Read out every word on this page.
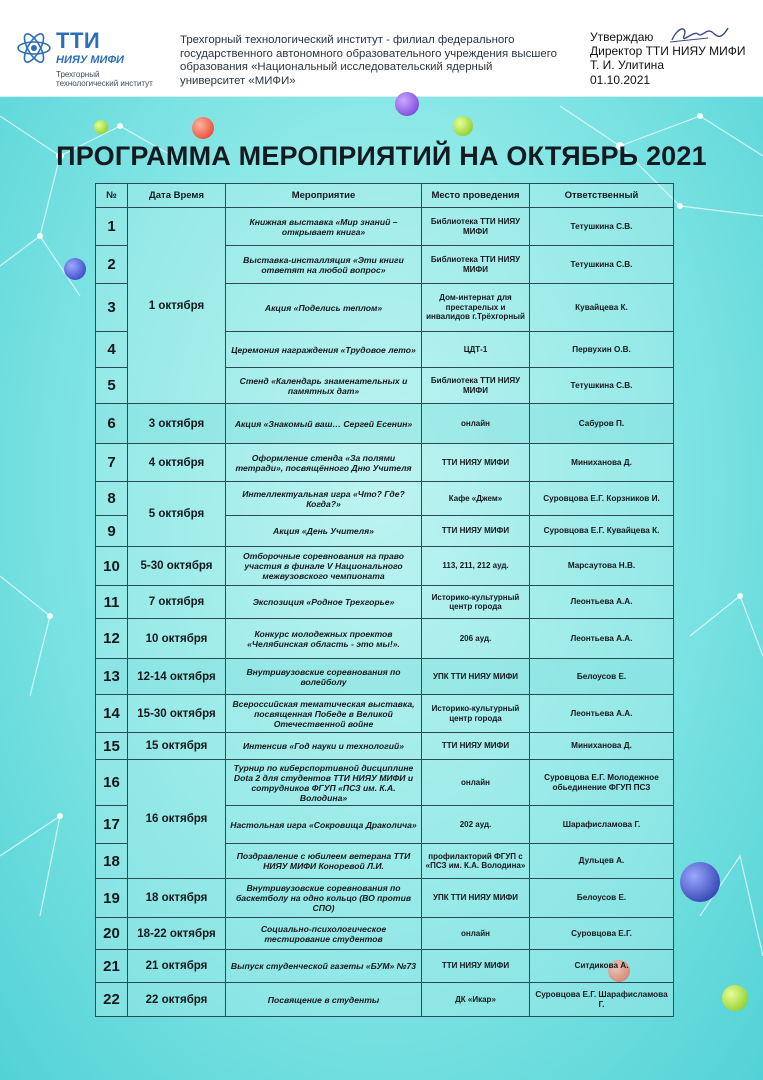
ТТИ
НИЯУ МИФИ
Трехгорный технологический институт
Трехгорный технологический институт - филиал федерального государственного автономного образовательного учреждения высшего образования «Национальный исследовательский ядерный университет «МИФИ»
Утверждаю
Директор ТТИ НИЯУ МИФИ
Т. И. Улитина
01.10.2021
ПРОГРАММА МЕРОПРИЯТИЙ НА ОКТЯБРЬ 2021
№	Дата Время	Мероприятие	Место проведения	Ответственный
1	1 октября	Книжная выставка «Мир знаний – открывает книга»	Библиотека ТТИ НИЯУ МИФИ	Тетушкина С.В.
2		Выставка-инсталляция «Эти книги ответят на любой вопрос»	Библиотека ТТИ НИЯУ МИФИ	Тетушкина С.В.
3		Акция «Поделись теплом»	Дом-интернат для престарелых и инвалидов г.Трёхгорный	Кувайцева К.
4		Церемония награждения «Трудовое лето»	ЦДТ-1	Первухин О.В.
5		Стенд «Календарь знаменательных и памятных дат»	Библиотека ТТИ НИЯУ МИФИ	Тетушкина С.В.
6	3 октября	Акция «Знакомый ваш… Сергей Есенин»	онлайн	Сабуров П.
7	4 октября	Оформление стенда «За полями тетради», посвящённого Дню Учителя	ТТИ НИЯУ МИФИ	Миниханова Д.
8	5 октября	Интеллектуальная игра «Что? Где? Когда?»	Кафе «Джем»	Суровцова Е.Г. Корзников И.
9		Акция «День Учителя»	ТТИ НИЯУ МИФИ	Суровцова Е.Г. Кувайцева К.
10	5-30 октября	Отборочные соревнования на право участия в финале V Национального межвузовского чемпионата	113, 211, 212 ауд.	Марсаутова Н.В.
11	7 октября	Экспозиция «Родное Трехгорье»	Историко-культурный центр города	Леонтьева А.А.
12	10 октября	Конкурс молодежных проектов «Челябинская область - это мы!».	206 ауд.	Леонтьева А.А.
13	12-14 октября	Внутривузовские соревнования по волейболу	УПК ТТИ НИЯУ МИФИ	Белоусов Е.
14	15-30 октября	Всероссийская тематическая выставка, посвященная Победе в Великой Отечественной войне	Историко-культурный центр города	Леонтьева А.А.
15	15 октября	Интенсив «Год науки и технологий»	ТТИ НИЯУ МИФИ	Миниханова Д.
16	16 октября	Турнир по киберспортивной дисциплине Dota 2 для студентов ТТИ НИЯУ МИФИ и сотрудников ФГУП «ПСЗ им. К.А. Володина»	онлайн	Суровцова Е.Г. Молодежное обьединение ФГУП ПСЗ
17		Настольная игра «Сокровища Драколича»	202 ауд.	Шарафисламова Г.
18		Поздравление с юбилеем ветерана ТТИ НИЯУ МИФИ Коноревой Л.И.	профилакторий ФГУП с «ПСЗ им. К.А. Володина»	Дульцев А.
19	18 октября	Внутривузовские соревнования по баскетболу на одно кольцо (ВО против СПО)	УПК ТТИ НИЯУ МИФИ	Белоусов Е.
20	18-22 октября	Социально-психологическое тестирование студентов	онлайн	Суровцова Е.Г.
21	21 октября	Выпуск студенческой газеты «БУМ» №73	ТТИ НИЯУ МИФИ	Ситдикова А.
22	22 октября	Посвящение в студенты	ДК «Икар»	Суровцова Е.Г. Шарафисламова Г.
